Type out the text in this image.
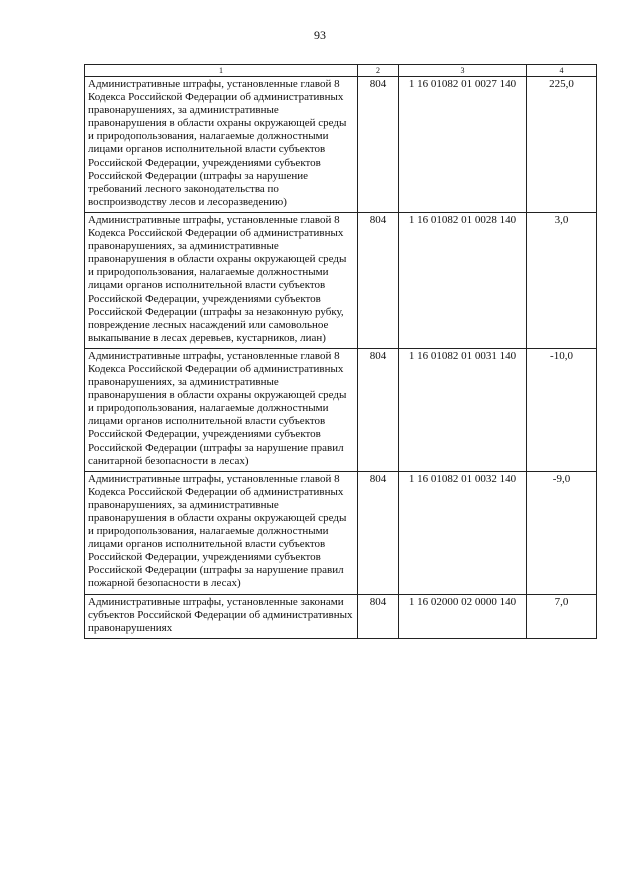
93
1	2	3	4
Административные штрафы, установленные главой 8 Кодекса Российской Федерации об административных правонарушениях, за административные правонарушения в области охраны окружающей среды и природопользования, налагаемые должностными лицами органов исполнительной власти субъектов Российской Федерации, учреждениями субъектов Российской Федерации (штрафы за нарушение требований лесного законодательства по воспроизводству лесов и лесоразведению)	804	1 16 01082 01 0027 140	225,0
Административные штрафы, установленные главой 8 Кодекса Российской Федерации об административных правонарушениях, за административные правонарушения в области охраны окружающей среды и природопользования, налагаемые должностными лицами органов исполнительной власти субъектов Российской Федерации, учреждениями субъектов Российской Федерации (штрафы за незаконную рубку, повреждение лесных насаждений или самовольное выкапывание в лесах деревьев, кустарников, лиан)	804	1 16 01082 01 0028 140	3,0
Административные штрафы, установленные главой 8 Кодекса Российской Федерации об административных правонарушениях, за административные правонарушения в области охраны окружающей среды и природопользования, налагаемые должностными лицами органов исполнительной власти субъектов Российской Федерации, учреждениями субъектов Российской Федерации (штрафы за нарушение правил санитарной безопасности в лесах)	804	1 16 01082 01 0031 140	-10,0
Административные штрафы, установленные главой 8 Кодекса Российской Федерации об административных правонарушениях, за административные правонарушения в области охраны окружающей среды и природопользования, налагаемые должностными лицами органов исполнительной власти субъектов Российской Федерации, учреждениями субъектов Российской Федерации (штрафы за нарушение правил пожарной безопасности в лесах)	804	1 16 01082 01 0032 140	-9,0
Административные штрафы, установленные законами субъектов Российской Федерации об административных правонарушениях	804	1 16 02000 02 0000 140	7,0
